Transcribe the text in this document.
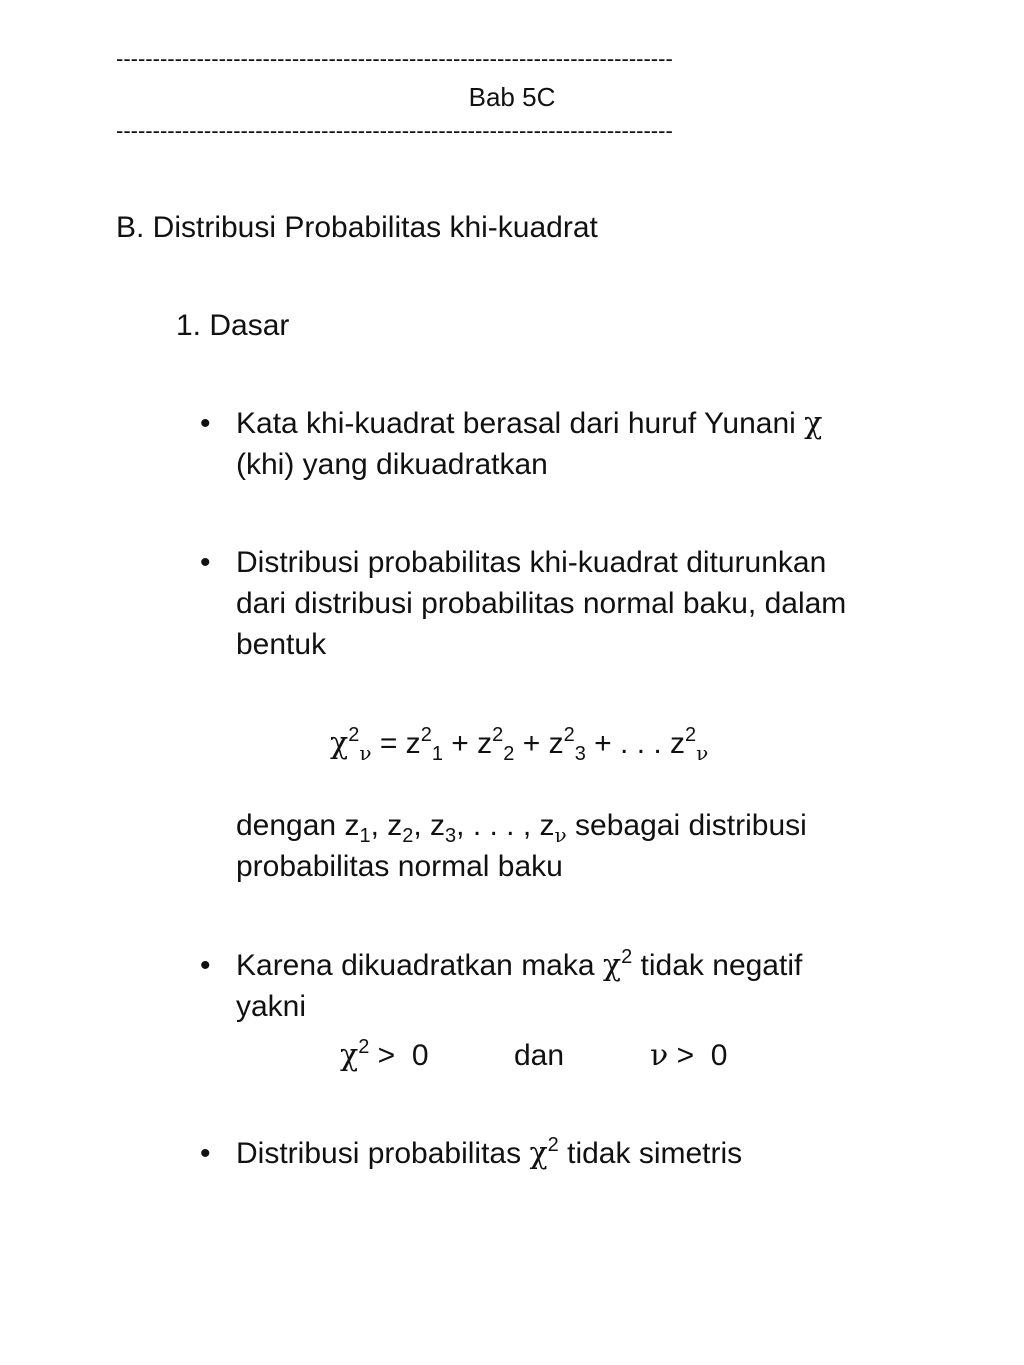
----------------------------------------------------------------------------
Bab 5C
----------------------------------------------------------------------------
B. Distribusi Probabilitas khi-kuadrat
1. Dasar
• Kata khi-kuadrat berasal dari huruf Yunani χ
(khi) yang dikuadratkan
• Distribusi probabilitas khi-kuadrat diturunkan
dari distribusi probabilitas normal baku, dalam
bentuk
$\chi^2_\nu = z^2_1 + z^2_2 + z^2_3$ + . . . $z^2_\nu$
dengan $z_1$, $z_2$, $z_3$, . . . , $z_\nu$ sebagai distribusi
probabilitas normal baku
• Karena dikuadratkan maka $\chi^2$ tidak negatif
yakni
$\chi^2 > 0$	dan	ν >  0
• Distribusi probabilitas $\chi^2$ tidak simetris
